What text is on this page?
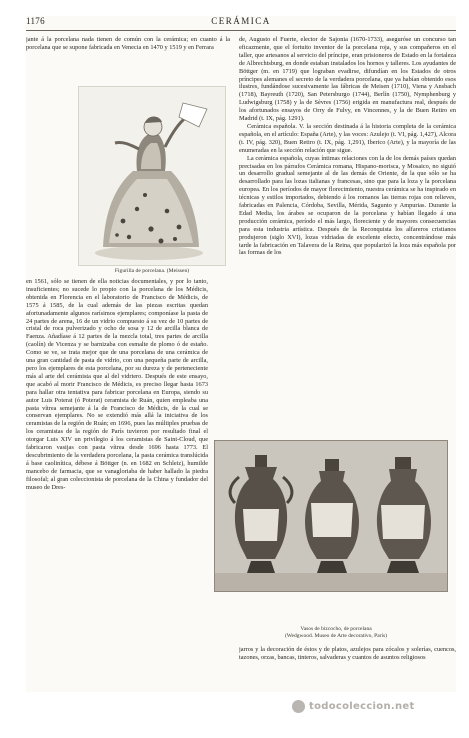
1176	CERÁMICA

jante á la porcelana nada tienen de común con la cerámica; en cuanto á la porcelana que se supone fabricada en Venecia en 1470 y 1519 y en Ferrara

Figurilla de porcelana. (Meissen)

en 1561, sólo se tienen de ella noticias documentales, y por lo tanto, insuficientes; no sucede lo propio con la porcelana de los Médicis, obtenida en Florencia en el laboratorio de Francisco de Médicis, de 1575 á 1585, de la cual además de las piezas escritas quedan afortunadamente algunos rarísimos ejemplares; componíase la pasta de 24 partes de arena, 16 de un vidrio compuesto á su vez de 10 partes de cristal de roca pulverizado y ocho de sosa y 12 de arcilla blanca de Faenza. Añadíase á 12 partes de la mezcla total, tres partes de arcilla (caolín) de Vicenza y se barnizaba con esmalte de plomo ó de estaño. Como se ve, se trata mejor que de una porcelana de una cerámica de una gran cantidad de pasta de vidrio, con una pequeña parte de arcilla, pero los ejemplares de esta porcelana, por su dureza y de perteneciente más al arte del cerámista que al del vidriero. Después de este ensayo, que acabó al morir Francisco de Médicis, es preciso llegar hasta 1673 para hallar otra tentativa para fabricar porcelana en Europa, siendo su autor Luis Poterat (ó Poterat) ceramista de Ruán, quien empleaba una pasta vítrea semejante á la de Francisco de Médicis, de la cual se conservan ejemplares. No se extendió más allá la iniciativa de los ceramistas de la región de Ruán; en 1696, pues las múltiples pruebas de los ceramistas de la región de París tuvieron por resultado final el otorgar Luis XIV un privilegio á los ceramistas de Saint-Cloud, que fabricaron vasijas con pasta vítrea desde 1696 hasta 1773. El descubrimiento de la verdadera porcelana, la pasta cerámica translúcida á base caolinítica, débese á Böttger (n. en 1682 en Schleiz), humilde mancebo de farmacia, que se vanagloriaba de haber hallado la piedra filosofal; al gran coleccionista de porcelana de la China y fundador del museo de Dres-

de, Augusto el Fuerte, elector de Sajonia (1670-1733), aseguróse un concurso tan eficazmente, que el fortuito inventor de la porcelana roja, y sus compañeros en el taller, que artesanos al servicio del príncipe, eran prisioneros de Estado en la fortaleza de Albrechtsburg, en donde estaban instalados los hornos y talleres. Los ayudantes de Böttger (m. en 1719) que lograban evadirse, difundían en los Estados de otros príncipes alemanes el secreto de la verdadera porcelana, que ya habían obtenido esos ilustres, fundándose sucesivamente las fábricas de Meisen (1710), Viena y Ansbach (1718), Bayreuth (1720), San Petersburgo (1744), Berlín (1750), Nymphenburg y Ludwigsburg (1758) y la de Sèvres (1756) erigida en manufactura real, después de los afortunados ensayos de Orry de Fulvy, en Vincennes, y la de Buen Retiro en Madrid (t. IX, pág. 1291).

Cerámica española. V. la sección destinada á la historia completa de la cerámica española, en el artículo: España (Arte), y las voces: Azulejo (t. VI, pág. 1,427), Alcora (t. IV, pág. 320), Buen Retiro (t. IX, pág. 1,291), Iberico (Arte), y la mayoría de las enumeradas en la sección relación que sigue.

La cerámica española, cuyas íntimas relaciones con la de los demás países quedan precisadas en los párrafos Cerámica romana, Hispano-morisca, y Mosaico, no siguió un desarrollo gradual semejante al de las demás de Oriente, de la que sólo se ha desarrollado para las lozas italianas y francesas, sino que para la loza y la porcelana europea. En los períodos de mayor florecimiento, nuestra cerámica se ha inspirado en técnicas y estilos importados, debiendo á los romanos las tierras rojas con relieves, fabricadas en Palencia, Córdoba, Sevilla, Mérida, Sagunto y Ampurias. Durante la Edad Media, los árabes se ocuparon de la porcelana y habían llegado á una producción cerámica, período el más largo, floreciente y de mayores consecuencias para esta industria artística. Después de la Reconquista los alfareros cristianos produjeron (siglo XVI), lozas vidriadas de excelente efecto, concentrándose más tarde la fabricación en Talavera de la Reina, que popularizó la loza más española por las formas de los

Vasos de bizcocho, de porcelana
(Wedgwood. Museo de Arte decorativo, París)

jarros y la decoración de éstos y de platos, azulejos para zócalos y solerías, cuencos, tazones, orzas, bancas, tinteros, salvaderas y cuantos de asuntos religiosos

todocoleccion.net
